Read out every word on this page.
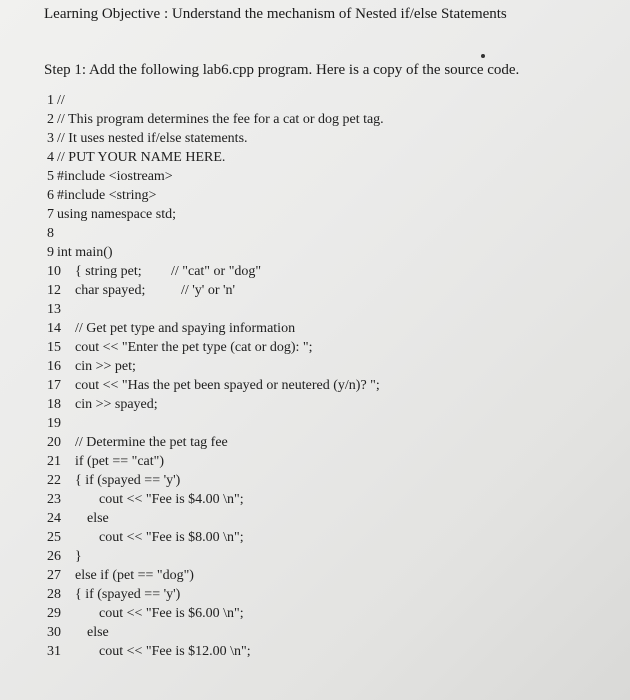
Learning Objective : Understand the mechanism of Nested if/else Statements
Step 1: Add the following lab6.cpp program. Here is a copy of the source code.
1 //
2 // This program determines the fee for a cat or dog pet tag.
3 // It uses nested if/else statements.
4 // PUT YOUR NAME HERE.
5 #include <iostream>
6 #include <string>
7 using namespace std;
8
9 int main()
10 { string pet; // "cat" or "dog"
12 char spayed;	// 'y' or 'n'
13
14 // Get pet type and spaying information
15 cout << "Enter the pet type (cat or dog): ";
16 cin >> pet;
17 cout << "Has the pet been spayed or neutered (y/n)? ";
18 cin >> spayed;
19
20 // Determine the pet tag fee
21 if (pet == "cat")
22 { if (spayed == 'y')
23	cout << "Fee is $4.00 \n";
24 else
25	cout << "Fee is $8.00 \n";
26 }
27 else if (pet == "dog")
28 { if (spayed == 'y')
29	cout << "Fee is $6.00 \n";
30 else
31	cout << "Fee is $12.00 \n";
